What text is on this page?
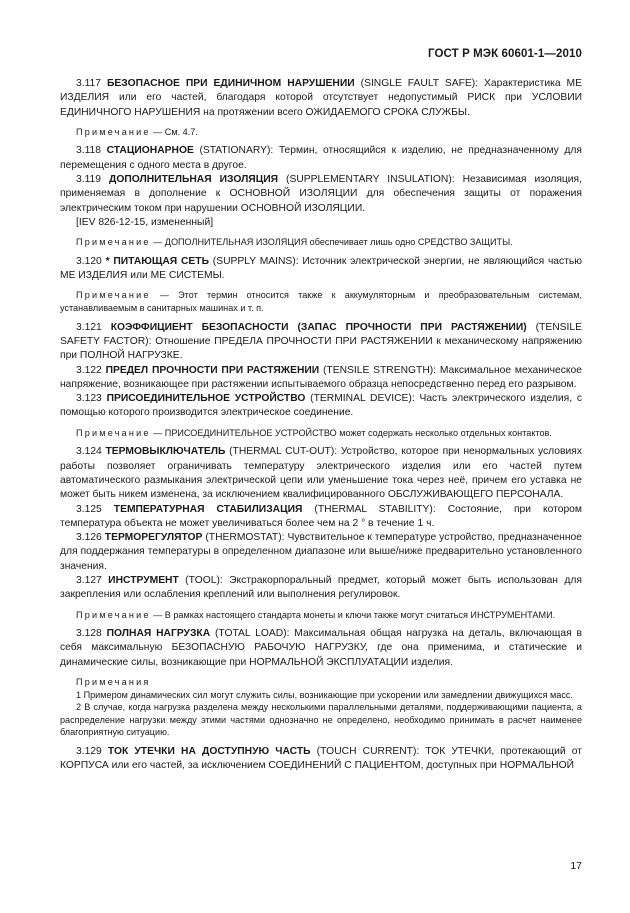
ГОСТ Р МЭК 60601-1—2010

3.117 БЕЗОПАСНОЕ ПРИ ЕДИНИЧНОМ НАРУШЕНИИ (SINGLE FAULT SAFE): Характеристика МЕ ИЗДЕЛИЯ или его частей, благодаря которой отсутствует недопустимый РИСК при УСЛОВИИ ЕДИНИЧНОГО НАРУШЕНИЯ на протяжении всего ОЖИДАЕМОГО СРОКА СЛУЖБЫ.

Примечание — См. 4.7.

3.118 СТАЦИОНАРНОЕ (STATIONARY): Термин, относящийся к изделию, не предназначенному для перемещения с одного места в другое.

3.119 ДОПОЛНИТЕЛЬНАЯ ИЗОЛЯЦИЯ (SUPPLEMENTARY INSULATION): Независимая изоляция, применяемая в дополнение к ОСНОВНОЙ ИЗОЛЯЦИИ для обеспечения защиты от поражения электрическим током при нарушении ОСНОВНОЙ ИЗОЛЯЦИИ.

[IEV 826-12-15, измененный]

Примечание — ДОПОЛНИТЕЛЬНАЯ ИЗОЛЯЦИЯ обеспечивает лишь одно СРЕДСТВО ЗАЩИТЫ.

3.120 * ПИТАЮЩАЯ СЕТЬ (SUPPLY MAINS): Источник электрической энергии, не являющийся частью МЕ ИЗДЕЛИЯ или МЕ СИСТЕМЫ.

Примечание — Этот термин относится также к аккумуляторным и преобразовательным системам, устанавливаемым в санитарных машинах и т. п.

3.121 КОЭФФИЦИЕНТ БЕЗОПАСНОСТИ (ЗАПАС ПРОЧНОСТИ ПРИ РАСТЯЖЕНИИ) (TENSILE SAFETY FACTOR): Отношение ПРЕДЕЛА ПРОЧНОСТИ ПРИ РАСТЯЖЕНИИ к механическому напряжению при ПОЛНОЙ НАГРУЗКЕ.

3.122 ПРЕДЕЛ ПРОЧНОСТИ ПРИ РАСТЯЖЕНИИ (TENSILE STRENGTH): Максимальное механическое напряжение, возникающее при растяжении испытываемого образца непосредственно перед его разрывом.

3.123 ПРИСОЕДИНИТЕЛЬНОЕ УСТРОЙСТВО (TERMINAL DEVICE): Часть электрического изделия, с помощью которого производится электрическое соединение.

Примечание — ПРИСОЕДИНИТЕЛЬНОЕ УСТРОЙСТВО может содержать несколько отдельных контактов.

3.124 ТЕРМОВЫКЛЮЧАТЕЛЬ (THERMAL CUT-OUT): Устройство, которое при ненормальных условиях работы позволяет ограничивать температуру электрического изделия или его частей путем автоматического размыкания электрической цепи или уменьшение тока через неё, причем его уставка не может быть никем изменена, за исключением квалифицированного ОБСЛУЖИВАЮЩЕГО ПЕРСОНАЛА.

3.125 ТЕМПЕРАТУРНАЯ СТАБИЛИЗАЦИЯ (THERMAL STABILITY): Состояние, при котором температура объекта не может увеличиваться более чем на 2 ° в течение 1 ч.

3.126 ТЕРМОРЕГУЛЯТОР (THERMOSTAT): Чувствительное к температуре устройство, предназначенное для поддержания температуры в определенном диапазоне или выше/ниже предварительно установленного значения.

3.127 ИНСТРУМЕНТ (TOOL): Экстракорпоральный предмет, который может быть использован для закрепления или ослабления креплений или выполнения регулировок.

Примечание — В рамках настоящего стандарта монеты и ключи также могут считаться ИНСТРУМЕНТАМИ.

3.128 ПОЛНАЯ НАГРУЗКА (TOTAL LOAD): Максимальная общая нагрузка на деталь, включающая в себя максимальную БЕЗОПАСНУЮ РАБОЧУЮ НАГРУЗКУ, где она применима, и статические и динамические силы, возникающие при НОРМАЛЬНОЙ ЭКСПЛУАТАЦИИ изделия.

Примечания

1 Примером динамических сил могут служить силы, возникающие при ускорении или замедлении движущихся масс.

2 В случае, когда нагрузка разделена между несколькими параллельными деталями, поддерживающими пациента, а распределение нагрузки между этими частями однозначно не определено, необходимо принимать в расчет наименее благоприятную ситуацию.

3.129 ТОК УТЕЧКИ НА ДОСТУПНУЮ ЧАСТЬ (TOUCH CURRENT): ТОК УТЕЧКИ, протекающий от КОРПУСА или его частей, за исключением СОЕДИНЕНИЙ С ПАЦИЕНТОМ, доступных при НОРМАЛЬНОЙ

17
